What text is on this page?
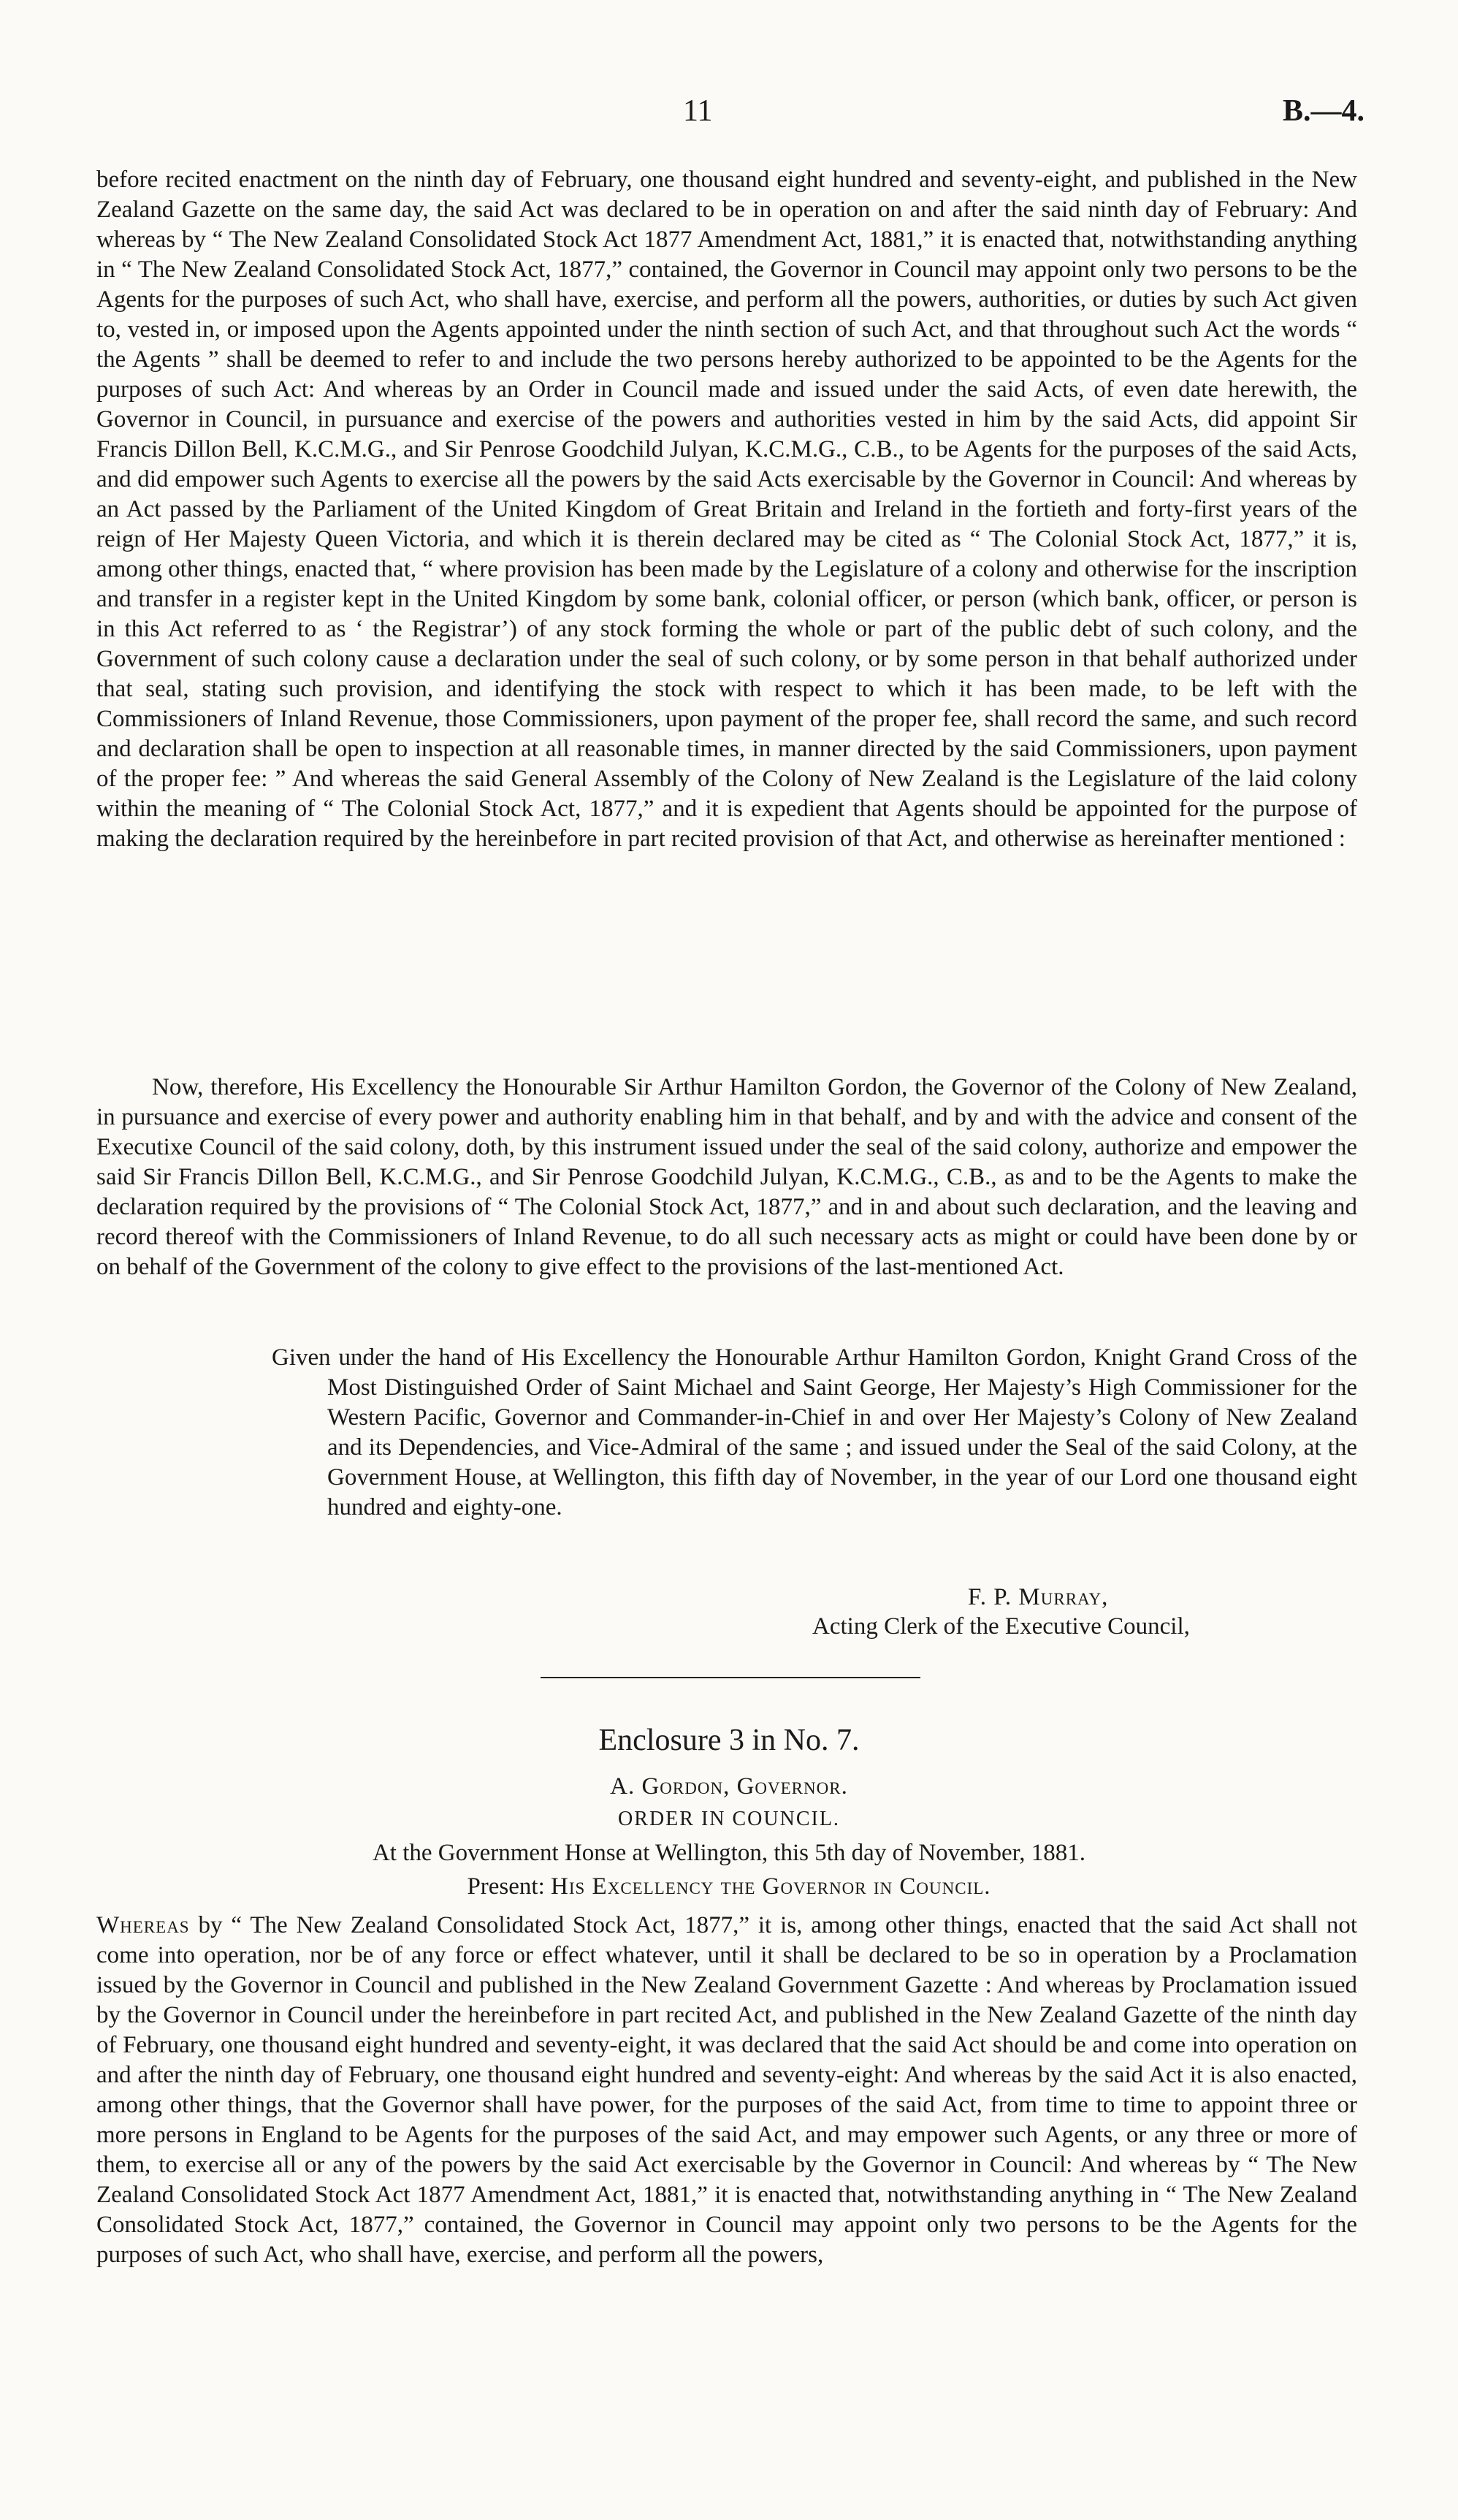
11	B.—4.

before recited enactment on the ninth day of February, one thousand eight hundred and seventy-eight, and published in the New Zealand Gazette on the same day, the said Act was declared to be in operation on and after the said ninth day of February: And whereas by “ The New Zealand Consolidated Stock Act 1877 Amendment Act, 1881,” it is enacted that, notwithstanding anything in “ The New Zealand Consolidated Stock Act, 1877,” contained, the Governor in Council may appoint only two persons to be the Agents for the purposes of such Act, who shall have, exercise, and perform all the powers, authorities, or duties by such Act given to, vested in, or imposed upon the Agents appointed under the ninth section of such Act, and that throughout such Act the words “ the Agents ” shall be deemed to refer to and include the two persons hereby authorized to be appointed to be the Agents for the purposes of such Act: And whereas by an Order in Council made and issued under the said Acts, of even date herewith, the Governor in Council, in pursuance and exercise of the powers and authorities vested in him by the said Acts, did appoint Sir Francis Dillon Bell, K.C.M.G., and Sir Penrose Goodchild Julyan, K.C.M.G., C.B., to be Agents for the purposes of the said Acts, and did empower such Agents to exercise all the powers by the said Acts exercisable by the Governor in Council: And whereas by an Act passed by the Parliament of the United Kingdom of Great Britain and Ireland in the fortieth and forty-first years of the reign of Her Majesty Queen Victoria, and which it is therein declared may be cited as “ The Colonial Stock Act, 1877,” it is, among other things, enacted that, “ where provision has been made by the Legislature of a colony and otherwise for the inscription and transfer in a register kept in the United Kingdom by some bank, colonial officer, or person (which bank, officer, or person is in this Act referred to as ‘ the Registrar’) of any stock forming the whole or part of the public debt of such colony, and the Government of such colony cause a declaration under the seal of such colony, or by some person in that behalf authorized under that seal, stating such provision, and identifying the stock with respect to which it has been made, to be left with the Commissioners of Inland Revenue, those Commissioners, upon payment of the proper fee, shall record the same, and such record and declaration shall be open to inspection at all reasonable times, in manner directed by the said Commissioners, upon payment of the proper fee: ” And whereas the said General Assembly of the Colony of New Zealand is the Legislature of the laid colony within the meaning of “ The Colonial Stock Act, 1877,” and it is expedient that Agents should be appointed for the purpose of making the declaration required by the hereinbefore in part recited provision of that Act, and otherwise as hereinafter mentioned :

Now, therefore, His Excellency the Honourable Sir Arthur Hamilton Gordon, the Governor of the Colony of New Zealand, in pursuance and exercise of every power and authority enabling him in that behalf, and by and with the advice and consent of the Executixe Council of the said colony, doth, by this instrument issued under the seal of the said colony, authorize and empower the said Sir Francis Dillon Bell, K.C.M.G., and Sir Penrose Goodchild Julyan, K.C.M.G., C.B., as and to be the Agents to make the declaration required by the provisions of “ The Colonial Stock Act, 1877,” and in and about such declaration, and the leaving and record thereof with the Commissioners of Inland Revenue, to do all such necessary acts as might or could have been done by or on behalf of the Government of the colony to give effect to the provisions of the last-mentioned Act.

Given under the hand of His Excellency the Honourable Arthur Hamilton Gordon, Knight Grand Cross of the Most Distinguished Order of Saint Michael and Saint George, Her Majesty’s High Commissioner for the Western Pacific, Governor and Commander-in-Chief in and over Her Majesty’s Colony of New Zealand and its Dependencies, and Vice-Admiral of the same ; and issued under the Seal of the said Colony, at the Government House, at Wellington, this fifth day of November, in the year of our Lord one thousand eight hundred and eighty-one.
F. P. Murray,
Acting Clerk of the Executive Council,
Enclosure 3 in No. 7.
A. Gordon, Governor.
ORDER IN COUNCIL.
At the Government Honse at Wellington, this 5th day of November, 1881.
Present: His Excellency the Governor in Council.

Whereas by “ The New Zealand Consolidated Stock Act, 1877,” it is, among other things, enacted that the said Act shall not come into operation, nor be of any force or effect whatever, until it shall be declared to be so in operation by a Proclamation issued by the Governor in Council and published in the New Zealand Government Gazette : And whereas by Proclamation issued by the Governor in Council under the hereinbefore in part recited Act, and published in the New Zealand Gazette of the ninth day of February, one thousand eight hundred and seventy-eight, it was declared that the said Act should be and come into operation on and after the ninth day of February, one thousand eight hundred and seventy-eight: And whereas by the said Act it is also enacted, among other things, that the Governor shall have power, for the purposes of the said Act, from time to time to appoint three or more persons in England to be Agents for the purposes of the said Act, and may empower such Agents, or any three or more of them, to exercise all or any of the powers by the said Act exercisable by the Governor in Council: And whereas by “ The New Zealand Consolidated Stock Act 1877 Amendment Act, 1881,” it is enacted that, notwithstanding anything in “ The New Zealand Consolidated Stock Act, 1877,” contained, the Governor in Council may appoint only two persons to be the Agents for the purposes of such Act, who shall have, exercise, and perform all the powers,
